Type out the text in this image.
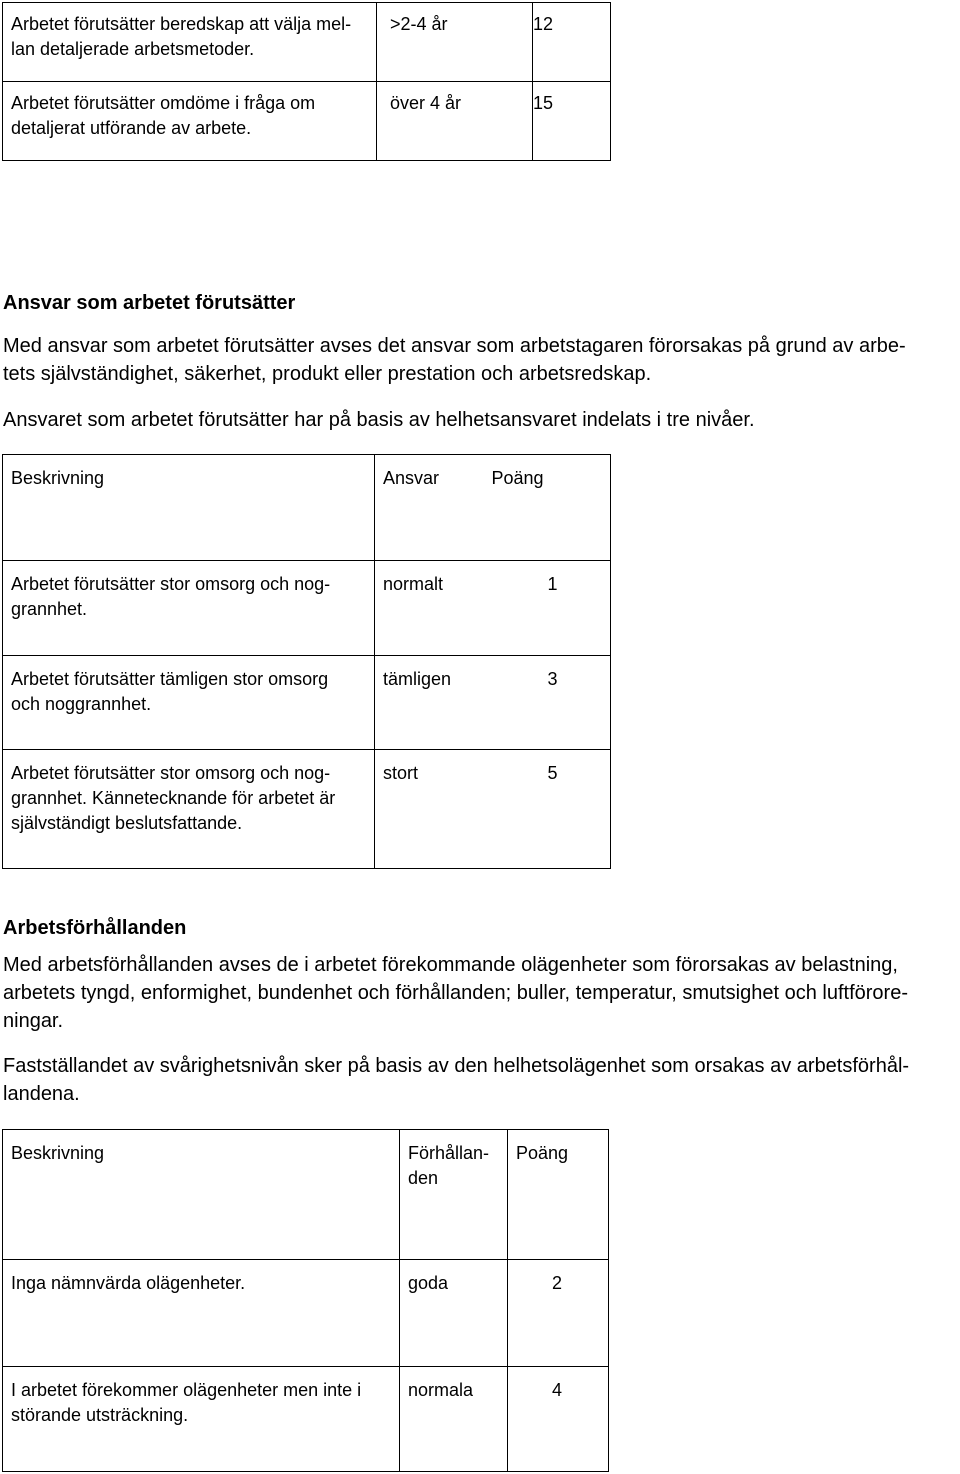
Arbetet förutsätter beredskap att välja mel-
lan detaljerade arbetsmetoder.	>2-4 år	12

Arbetet förutsätter omdöme i fråga om
detaljerat utförande av arbete.	över 4 år	15
Ansvar som arbetet förutsätter

Med ansvar som arbetet förutsätter avses det ansvar som arbetstagaren förorsakas på grund av arbe-
tets självständighet, säkerhet, produkt eller prestation och arbetsredskap.

Ansvaret som arbetet förutsätter har på basis av helhetsansvaret indelats i tre nivåer.

Beskrivning	Ansvar	Poäng

Arbetet förutsätter stor omsorg och nog-
grannhet.	normalt	1

Arbetet förutsätter tämligen stor omsorg
och noggrannhet.	tämligen	3

Arbetet förutsätter stor omsorg och nog-
grannhet. Kännetecknande för arbetet är
självständigt beslutsfattande.	stort	5
Arbetsförhållanden

Med arbetsförhållanden avses de i arbetet förekommande olägenheter som förorsakas av belastning,
arbetets tyngd, enformighet, bundenhet och förhållanden; buller, temperatur, smutsighet och luftförore-
ningar.

Fastställandet av svårighetsnivån sker på basis av den helhetsolägenhet som orsakas av arbetsförhål-
landena.

Beskrivning	Förhållan-
den	Poäng

Inga nämnvärda olägenheter.	goda	2

I arbetet förekommer olägenheter men inte i
störande utsträckning.	normala	4
